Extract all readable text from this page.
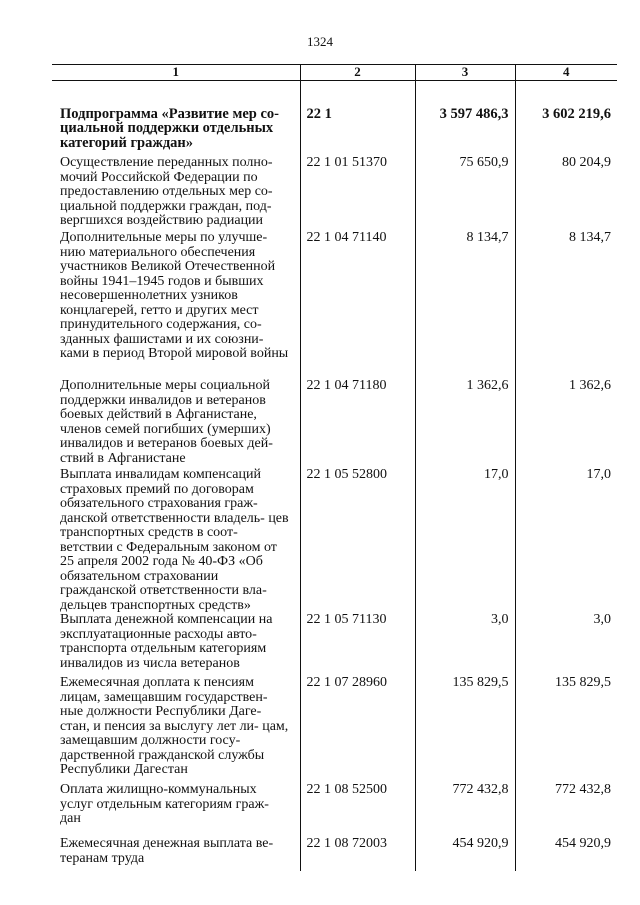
1324
1	2	3	4
Подпрограмма «Развитие мер со- циальной поддержки отдельных категорий граждан»	22 1	3 597 486,3	3 602 219,6
Осуществление переданных полно- мочий Российской Федерации по предоставлению отдельных мер со- циальной поддержки граждан, под- вергшихся воздействию радиации	22 1 01 51370	75 650,9	80 204,9
Дополнительные меры по улучше- нию материального обеспечения участников Великой Отечественной войны 1941–1945 годов и бывших несовершеннолетних узников концлагерей, гетто и других мест принудительного содержания, со- зданных фашистами и их союзни- ками в период Второй мировой войны	22 1 04 71140	8 134,7	8 134,7
Дополнительные меры социальной поддержки инвалидов и ветеранов боевых действий в Афганистане, членов семей погибших (умерших) инвалидов и ветеранов боевых дей- ствий в Афганистане	22 1 04 71180	1 362,6	1 362,6
Выплата инвалидам компенсаций страховых премий по договорам обязательного страхования граж- данской ответственности владель- цев транспортных средств в соот- ветствии с Федеральным законом от 25 апреля 2002 года № 40-ФЗ «Об обязательном страховании гражданской ответственности вла- дельцев транспортных средств»	22 1 05 52800	17,0	17,0
Выплата денежной компенсации на эксплуатационные расходы авто- транспорта отдельным категориям инвалидов из числа ветеранов	22 1 05 71130	3,0	3,0
Ежемесячная доплата к пенсиям лицам, замещавшим государствен- ные должности Республики Даге- стан, и пенсия за выслугу лет ли- цам, замещавшим должности госу- дарственной гражданской службы Республики Дагестан	22 1 07 28960	135 829,5	135 829,5
Оплата жилищно-коммунальных услуг отдельным категориям граж- дан	22 1 08 52500	772 432,8	772 432,8
Ежемесячная денежная выплата ве- теранам труда	22 1 08 72003	454 920,9	454 920,9
